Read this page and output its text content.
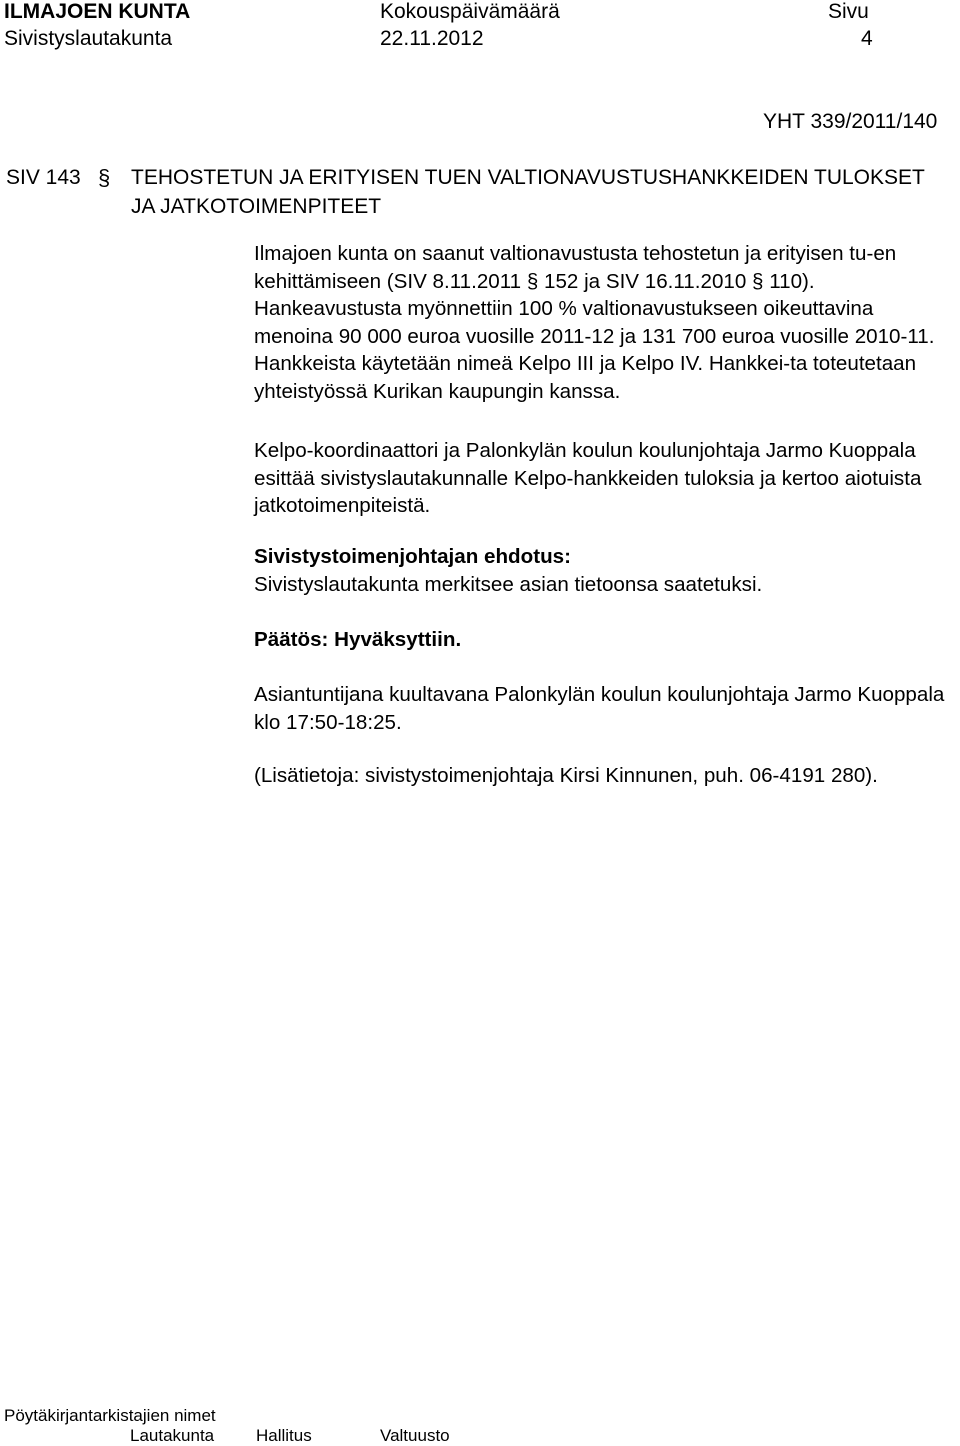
ILMAJOEN KUNTA	Kokouspäivämäärä	Sivu
Sivistyslautakunta	22.11.2012	4
YHT 339/2011/140
SIV 143 § TEHOSTETUN JA ERITYISEN TUEN VALTIONAVUSTUSHANKKEIDEN TULOKSET JA JATKOTOIMENPITEET

Ilmajoen kunta on saanut valtionavustusta tehostetun ja erityisen tu-en kehittämiseen (SIV 8.11.2011 § 152 ja SIV 16.11.2010 § 110). Hankeavustusta myönnettiin 100 % valtionavustukseen oikeuttavina menoina 90 000 euroa vuosille 2011-12 ja 131 700 euroa vuosille 2010-11. Hankkeista käytetään nimeä Kelpo III ja Kelpo IV. Hankkei-ta toteutetaan yhteistyössä Kurikan kaupungin kanssa.

Kelpo-koordinaattori ja Palonkylän koulun koulunjohtaja Jarmo Kuoppala esittää sivistyslautakunnalle Kelpo-hankkeiden tuloksia ja kertoo aiotuista jatkotoimenpiteistä.

Sivistystoimenjohtajan ehdotus:

Sivistyslautakunta merkitsee asian tietoonsa saatetuksi.

Päätös: Hyväksyttiin.

Asiantuntijana kuultavana Palonkylän koulun koulunjohtaja Jarmo Kuoppala klo 17:50-18:25.

(Lisätietoja: sivistystoimenjohtaja Kirsi Kinnunen, puh. 06-4191 280).

Pöytäkirjantarkistajien nimet
Lautakunta Hallitus	Valtuusto
